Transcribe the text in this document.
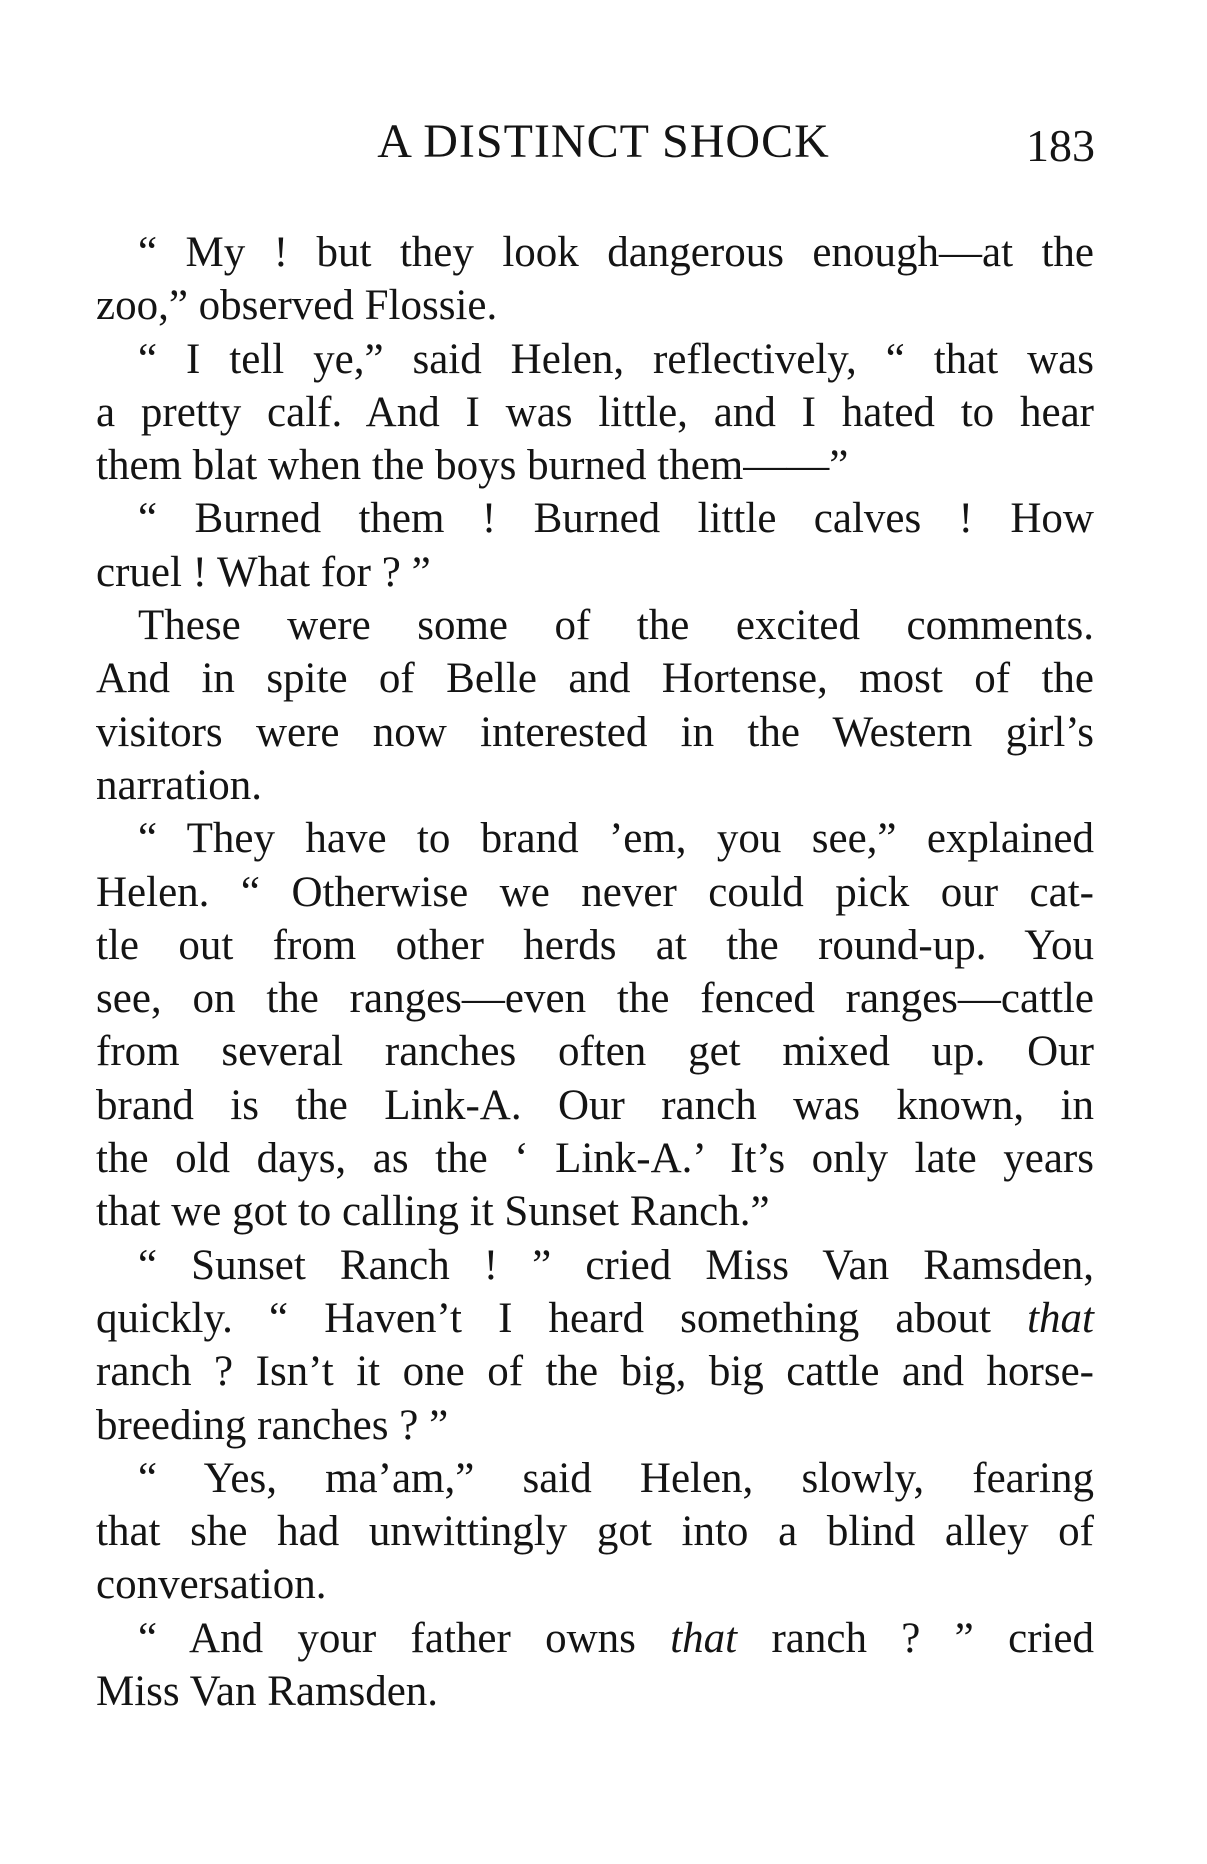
A DISTINCT SHOCK	183
“ My ! but they look dangerous enough—at the
zoo,” observed Flossie.
“ I tell ye,” said Helen, reflectively, “ that was
a pretty calf. And I was little, and I hated to hear
them blat when the boys burned them——”
“ Burned them ! Burned little calves ! How
cruel ! What for ? ”
These were some of the excited comments.
And in spite of Belle and Hortense, most of the
visitors were now interested in the Western girl’s
narration.
“ They have to brand ’em, you see,” explained
Helen. “ Otherwise we never could pick our cat-
tle out from other herds at the round-up. You
see, on the ranges—even the fenced ranges—cattle
from several ranches often get mixed up. Our
brand is the Link-A. Our ranch was known, in
the old days, as the ‘ Link-A.’ It’s only late years
that we got to calling it Sunset Ranch.”
“ Sunset Ranch ! ” cried Miss Van Ramsden,
quickly. “ Haven’t I heard something about that
ranch ? Isn’t it one of the big, big cattle and horse-
breeding ranches ? ”
“ Yes, ma’am,” said Helen, slowly, fearing
that she had unwittingly got into a blind alley of
conversation.
“ And your father owns that ranch ? ” cried
Miss Van Ramsden.
